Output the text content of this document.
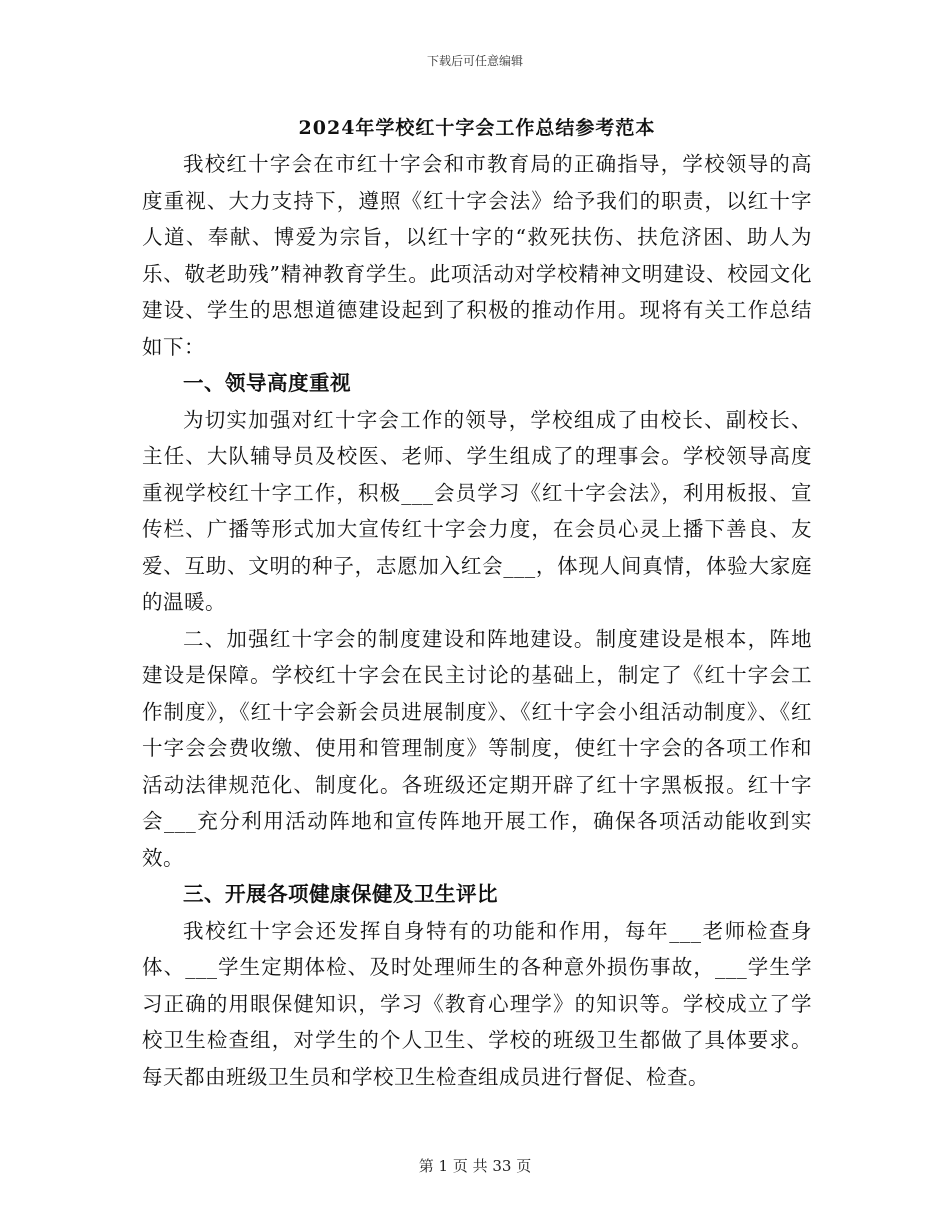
下载后可任意编辑
2024年学校红十字会工作总结参考范本

我校红十字会在市红十字会和市教育局的正确指导，学校领导的高度重视、大力支持下，遵照《红十字会法》给予我们的职责，以红十字人道、奉献、博爱为宗旨，以红十字的“救死扶伤、扶危济困、助人为乐、敬老助残”精神教育学生。此项活动对学校精神文明建设、校园文化建设、学生的思想道德建设起到了积极的推动作用。现将有关工作总结如下：

一、领导高度重视

为切实加强对红十字会工作的领导，学校组成了由校长、副校长、主任、大队辅导员及校医、老师、学生组成了的理事会。学校领导高度重视学校红十字工作，积极___会员学习《红十字会法》，利用板报、宣传栏、广播等形式加大宣传红十字会力度，在会员心灵上播下善良、友爱、互助、文明的种子，志愿加入红会___，体现人间真情，体验大家庭的温暖。

二、加强红十字会的制度建设和阵地建设。制度建设是根本，阵地建设是保障。学校红十字会在民主讨论的基础上，制定了《红十字会工作制度》，《红十字会新会员进展制度》、《红十字会小组活动制度》、《红十字会会费收缴、使用和管理制度》等制度，使红十字会的各项工作和活动法律规范化、制度化。各班级还定期开辟了红十字黑板报。红十字会___充分利用活动阵地和宣传阵地开展工作，确保各项活动能收到实效。

三、开展各项健康保健及卫生评比

我校红十字会还发挥自身特有的功能和作用，每年___老师检查身体、___学生定期体检、及时处理师生的各种意外损伤事故，___学生学习正确的用眼保健知识，学习《教育心理学》的知识等。学校成立了学校卫生检查组，对学生的个人卫生、学校的班级卫生都做了具体要求。每天都由班级卫生员和学校卫生检查组成员进行督促、检查。

第 1 页 共 33 页
